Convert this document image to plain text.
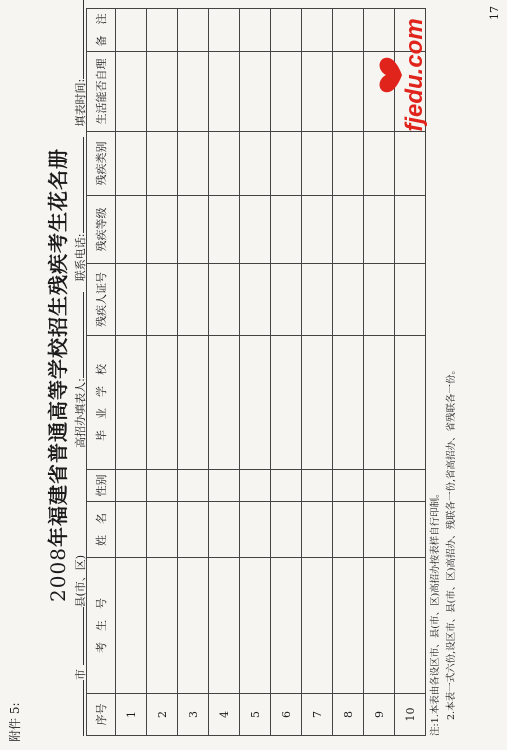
附件 5:
2008年福建省普通高等学校招生残疾考生花名册
市 县(市、区)  高招办填表人:  联系电话:  填表时间:
序号	考　生　号	姓　名	性别	毕　业　学　校	残疾人证号	残疾等级	残疾类别	生活能否自理	备　注
1									
2									
3									
4									
5									
6									
7									
8									
9									
10									注:1.本表由各设区市、县(市、区)高招办按表样自行印制。 2.本表一式六份,设区市、县(市、区)高招办、残联各一份,省高招办、省残联各一份。
fjedu.com
17
